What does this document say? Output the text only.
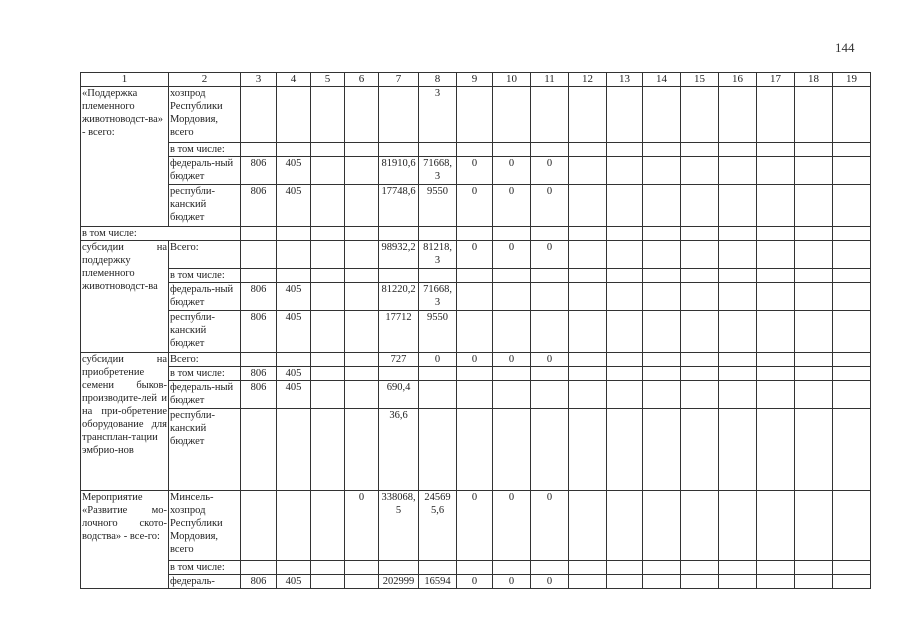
144
1	2	3	4	5	6	7	8	9	10	11	12	13	14	15	16	17	18	19
«Поддержка племенного животноводст-ва» - всего:	хозпрод Республики Мордовия, всего						3											
	в том числе:																	
	федераль-ный бюджет	806	405			81910,6	71668, 3	0	0	0								
	республи-канский бюджет	806	405			17748,6	9550	0	0	0								
в том числе:																		
субсидии на поддержку племенного животноводст-ва	Всего:					98932,2	81218, 3	0	0	0								
	в том числе:																	
	федераль-ный бюджет	806	405			81220,2	71668, 3											
	республи-канский бюджет	806	405			17712	9550											
субсидии на приобретение семени быков-производите-лей и на при-обретение оборудование для трансплан-тации эмбрио-нов	Всего:					727	0	0	0	0								
	в том числе:	806	405															
	федераль-ный бюджет	806	405			690,4												
	республи-канский бюджет					36,6												
Мероприятие «Развитие мо-лочного ското-водства» - все-го:	Минсель-хозпрод Республики Мордовия, всего				0	338068, 5	24569 5,6	0	0	0								
	в том числе:																	
	федераль-	806	405			202999	16594	0	0	0								
